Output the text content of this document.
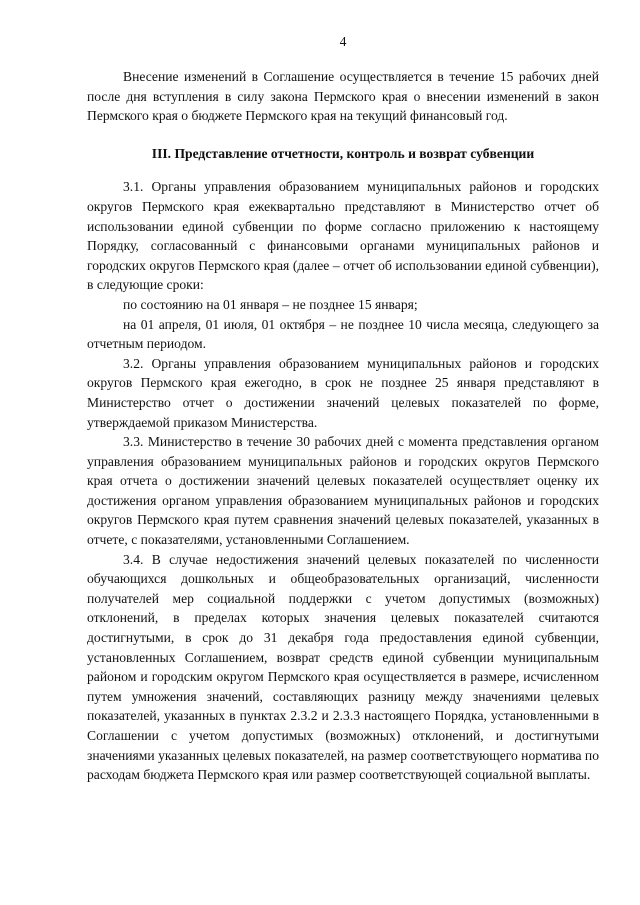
4

Внесение изменений в Соглашение осуществляется в течение 15 рабочих дней после дня вступления в силу закона Пермского края о внесении изменений в закон Пермского края о бюджете Пермского края на текущий финансовый год.

III. Представление отчетности, контроль и возврат субвенции

3.1. Органы управления образованием муниципальных районов и городских округов Пермского края ежеквартально представляют в Министерство отчет об использовании единой субвенции по форме согласно приложению к настоящему Порядку, согласованный с финансовыми органами муниципальных районов и городских округов Пермского края (далее – отчет об использовании единой субвенции), в следующие сроки:

по состоянию на 01 января – не позднее 15 января;

на 01 апреля, 01 июля, 01 октября – не позднее 10 числа месяца, следующего за отчетным периодом.

3.2. Органы управления образованием муниципальных районов и городских округов Пермского края ежегодно, в срок не позднее 25 января представляют в Министерство отчет о достижении значений целевых показателей по форме, утверждаемой приказом Министерства.

3.3. Министерство в течение 30 рабочих дней с момента представления органом управления образованием муниципальных районов и городских округов Пермского края отчета о достижении значений целевых показателей осуществляет оценку их достижения органом управления образованием муниципальных районов и городских округов Пермского края путем сравнения значений целевых показателей, указанных в отчете, с показателями, установленными Соглашением.

3.4. В случае недостижения значений целевых показателей по численности обучающихся дошкольных и общеобразовательных организаций, численности получателей мер социальной поддержки с учетом допустимых (возможных) отклонений, в пределах которых значения целевых показателей считаются достигнутыми, в срок до 31 декабря года предоставления единой субвенции, установленных Соглашением, возврат средств единой субвенции муниципальным районом и городским округом Пермского края осуществляется в размере, исчисленном путем умножения значений, составляющих разницу между значениями целевых показателей, указанных в пунктах 2.3.2 и 2.3.3 настоящего Порядка, установленными в Соглашении с учетом допустимых (возможных) отклонений, и достигнутыми значениями указанных целевых показателей, на размер соответствующего норматива по расходам бюджета Пермского края или размер соответствующей социальной выплаты.
